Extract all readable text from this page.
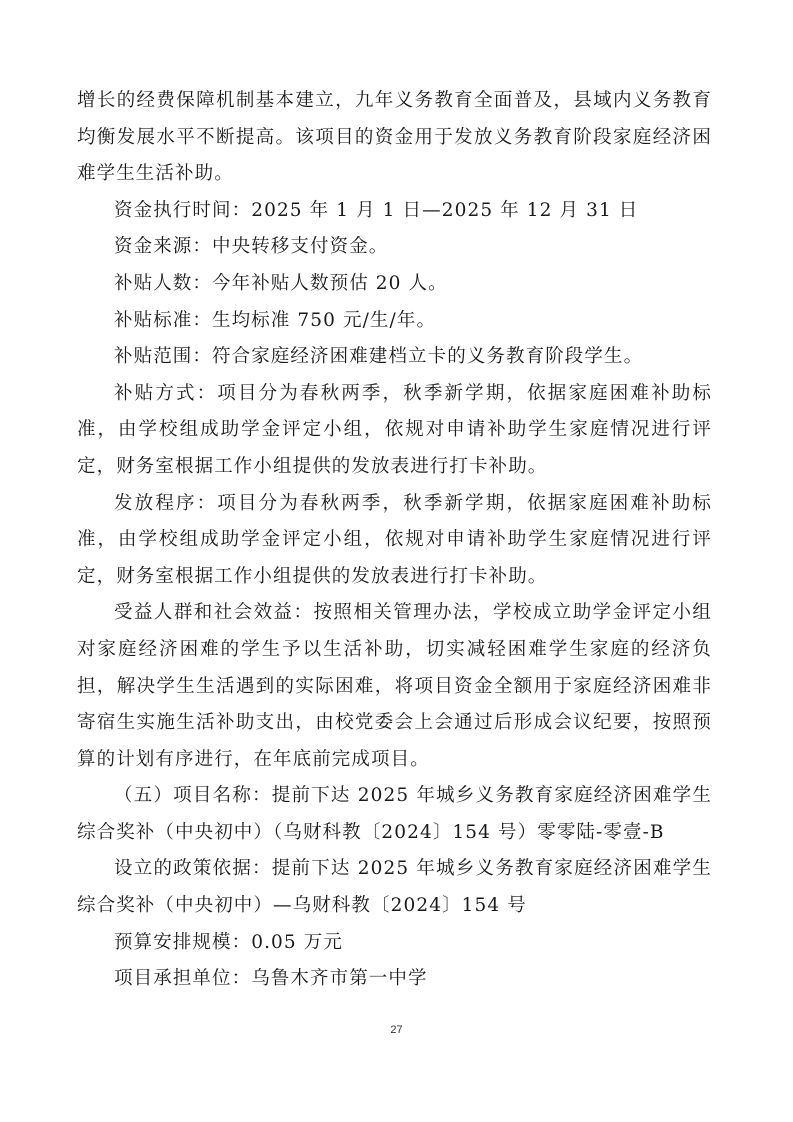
增长的经费保障机制基本建立，九年义务教育全面普及，县域内义务教育均衡发展水平不断提高。该项目的资金用于发放义务教育阶段家庭经济困难学生生活补助。

资金执行时间：2025 年 1 月 1 日—2025 年 12 月 31 日

资金来源：中央转移支付资金。

补贴人数：今年补贴人数预估 20 人。

补贴标准：生均标准 750 元/生/年。

补贴范围：符合家庭经济困难建档立卡的义务教育阶段学生。

补贴方式：项目分为春秋两季，秋季新学期，依据家庭困难补助标准，由学校组成助学金评定小组，依规对申请补助学生家庭情况进行评定，财务室根据工作小组提供的发放表进行打卡补助。

发放程序：项目分为春秋两季，秋季新学期，依据家庭困难补助标准，由学校组成助学金评定小组，依规对申请补助学生家庭情况进行评定，财务室根据工作小组提供的发放表进行打卡补助。

受益人群和社会效益：按照相关管理办法，学校成立助学金评定小组对家庭经济困难的学生予以生活补助，切实减轻困难学生家庭的经济负担，解决学生生活遇到的实际困难，将项目资金全额用于家庭经济困难非寄宿生实施生活补助支出，由校党委会上会通过后形成会议纪要，按照预算的计划有序进行，在年底前完成项目。

（五）项目名称：提前下达 2025 年城乡义务教育家庭经济困难学生综合奖补（中央初中）（乌财科教〔2024〕154 号）零零陆-零壹-B

设立的政策依据：提前下达 2025 年城乡义务教育家庭经济困难学生综合奖补（中央初中）—乌财科教〔2024〕154 号

预算安排规模：0.05 万元

项目承担单位：乌鲁木齐市第一中学

27
